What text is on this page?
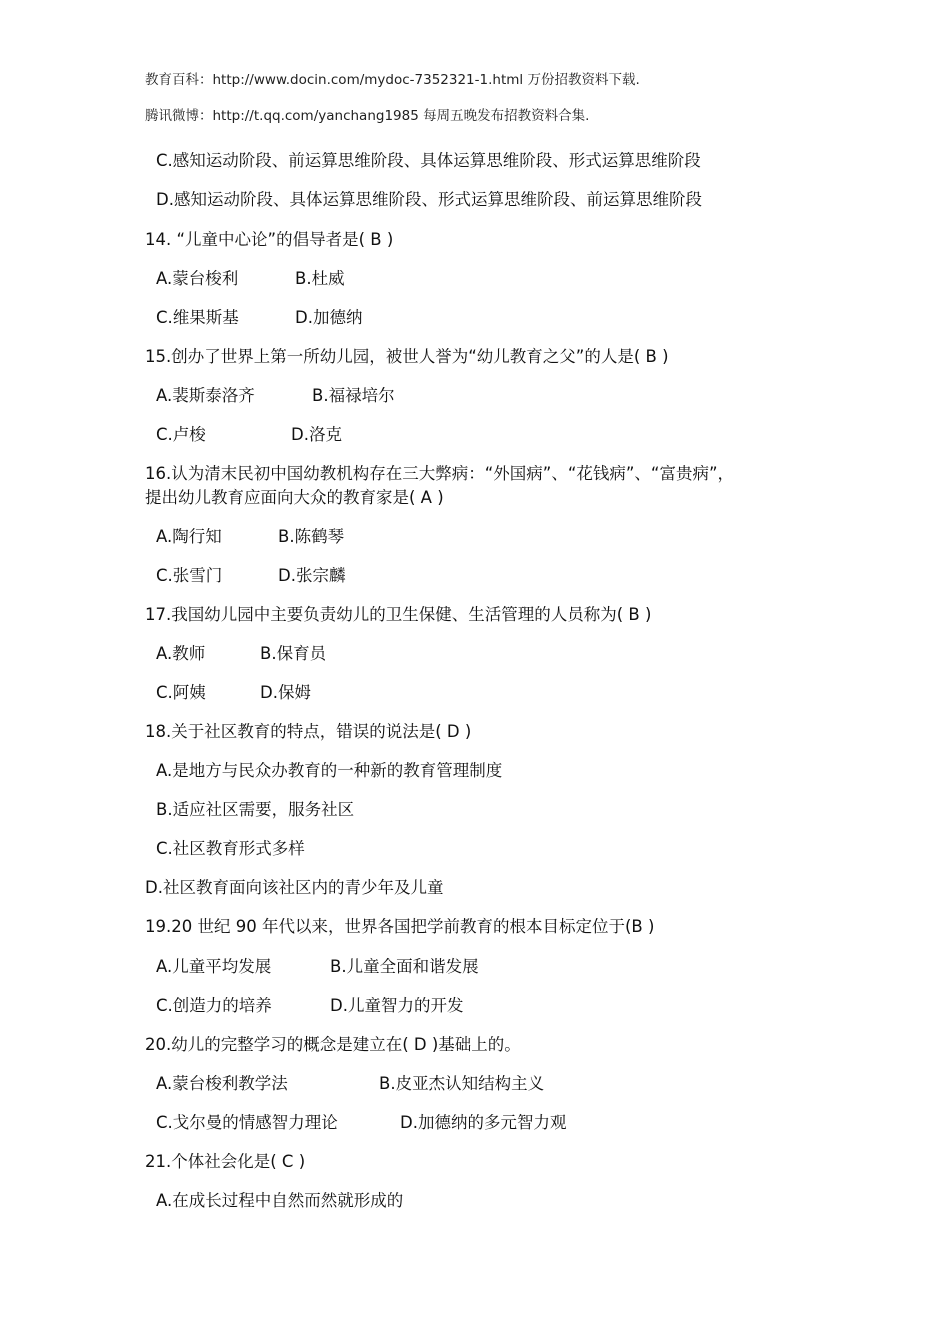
教育百科：http://www.docin.com/mydoc-7352321-1.html 万份招教资料下载.
腾讯微博：http://t.qq.com/yanchang1985 每周五晚发布招教资料合集.
C.感知运动阶段、前运算思维阶段、具体运算思维阶段、形式运算思维阶段
D.感知运动阶段、具体运算思维阶段、形式运算思维阶段、前运算思维阶段
14. “儿童中心论”的倡导者是( B )
A.蒙台梭利	B.杜威
C.维果斯基	D.加德纳
15.创办了世界上第一所幼儿园，被世人誉为“幼儿教育之父”的人是( B )
A.裴斯泰洛齐	B.福禄培尔
C.卢梭	D.洛克
16.认为清末民初中国幼教机构存在三大弊病：“外国病”、“花钱病”、“富贵病”，
提出幼儿教育应面向大众的教育家是( A )
A.陶行知	B.陈鹤琴
C.张雪门	D.张宗麟
17.我国幼儿园中主要负责幼儿的卫生保健、生活管理的人员称为( B )
A.教师	B.保育员
C.阿姨	D.保姆
18.关于社区教育的特点，错误的说法是( D )
A.是地方与民众办教育的一种新的教育管理制度
B.适应社区需要，服务社区
C.社区教育形式多样
D.社区教育面向该社区内的青少年及儿童
19.20 世纪 90 年代以来，世界各国把学前教育的根本目标定位于(B )
A.儿童平均发展	B.儿童全面和谐发展
C.创造力的培养	D.儿童智力的开发
20.幼儿的完整学习的概念是建立在( D )基础上的。
A.蒙台梭利教学法	B.皮亚杰认知结构主义
C.戈尔曼的情感智力理论	D.加德纳的多元智力观
21.个体社会化是( C )
A.在成长过程中自然而然就形成的
